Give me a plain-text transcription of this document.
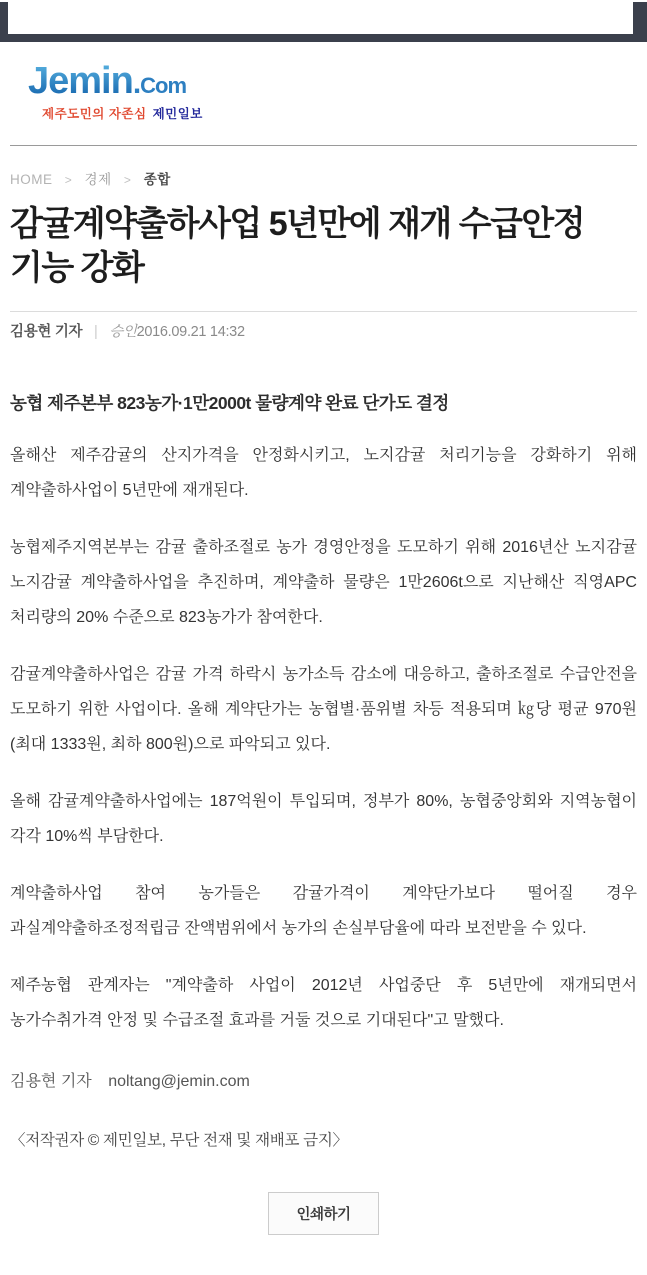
Jemin.Com
제주도민의 자존심 제민일보
HOME > 경제 > 종합
감귤계약출하사업 5년만에 재개 수급안정 기능 강화
김용현 기자 | 승인2016.09.21 14:32
농협 제주본부 823농가·1만2000t 물량계약 완료 단가도 결정

올해산 제주감귤의 산지가격을 안정화시키고, 노지감귤 처리기능을 강화하기 위해 계약출하사업이 5년만에 재개된다.

농협제주지역본부는 감귤 출하조절로 농가 경영안정을 도모하기 위해 2016년산 노지감귤 노지감귤 계약출하사업을 추진하며, 계약출하 물량은 1만2606t으로 지난해산 직영APC 처리량의 20% 수준으로 823농가가 참여한다.

감귤계약출하사업은 감귤 가격 하락시 농가소득 감소에 대응하고, 출하조절로 수급안전을 도모하기 위한 사업이다. 올해 계약단가는 농협별·품위별 차등 적용되며 ㎏당 평균 970원(최대 1333원, 최하 800원)으로 파악되고 있다.

올해 감귤계약출하사업에는 187억원이 투입되며, 정부가 80%, 농협중앙회와 지역농협이 각각 10%씩 부담한다.

계약출하사업 참여 농가들은 감귤가격이 계약단가보다 떨어질 경우 과실계약출하조정적립금 잔액범위에서 농가의 손실부담율에 따라 보전받을 수 있다.

제주농협 관계자는 "계약출하 사업이 2012년 사업중단 후 5년만에 재개되면서 농가수취가격 안정 및 수급조절 효과를 거둘 것으로 기대된다"고 말했다.

김용현 기자 noltang@jemin.com

〈저작권자 © 제민일보, 무단 전재 및 재배포 금지〉

인쇄하기
